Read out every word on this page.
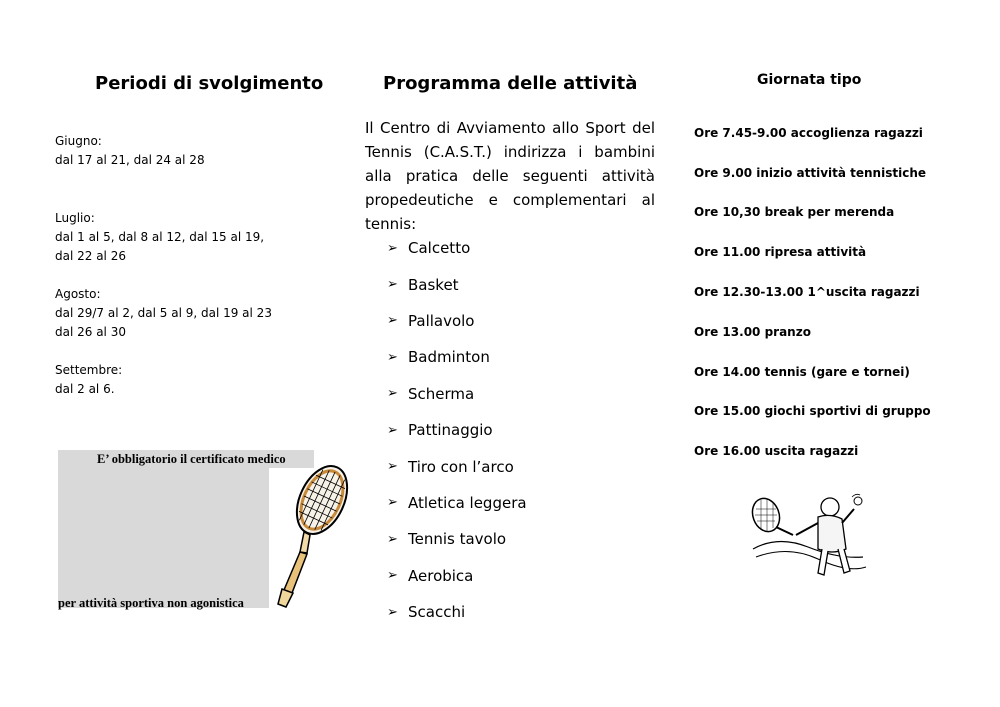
Periodi di svolgimento
Giugno:
dal 17 al 21, dal 24 al 28
Luglio:
dal 1 al 5, dal 8 al 12, dal 15 al 19,
dal 22 al 26
Agosto:
dal 29/7 al 2, dal 5 al 9, dal 19 al 23
dal 26 al 30
Settembre:
dal 2 al 6.
E’ obbligatorio il certificato medico
per attività sportiva non agonistica
Programma delle attività

Il Centro di Avviamento allo Sport del Tennis (C.A.S.T.) indirizza i bambini alla pratica delle seguenti attività propedeutiche e complementari al tennis:

➢ Calcetto
➢ Basket
➢ Pallavolo
➢ Badminton
➢ Scherma
➢ Pattinaggio
➢ Tiro con l’arco
➢ Atletica leggera
➢ Tennis tavolo
➢ Aerobica
➢ Scacchi
Giornata tipo
Ore 7.45-9.00 accoglienza ragazzi
Ore 9.00 inizio attività tennistiche
Ore 10,30 break per merenda
Ore 11.00 ripresa attività
Ore 12.30-13.00 1^uscita ragazzi
Ore 13.00 pranzo
Ore 14.00 tennis (gare e tornei)
Ore 15.00 giochi sportivi di gruppo
Ore 16.00 uscita ragazzi
